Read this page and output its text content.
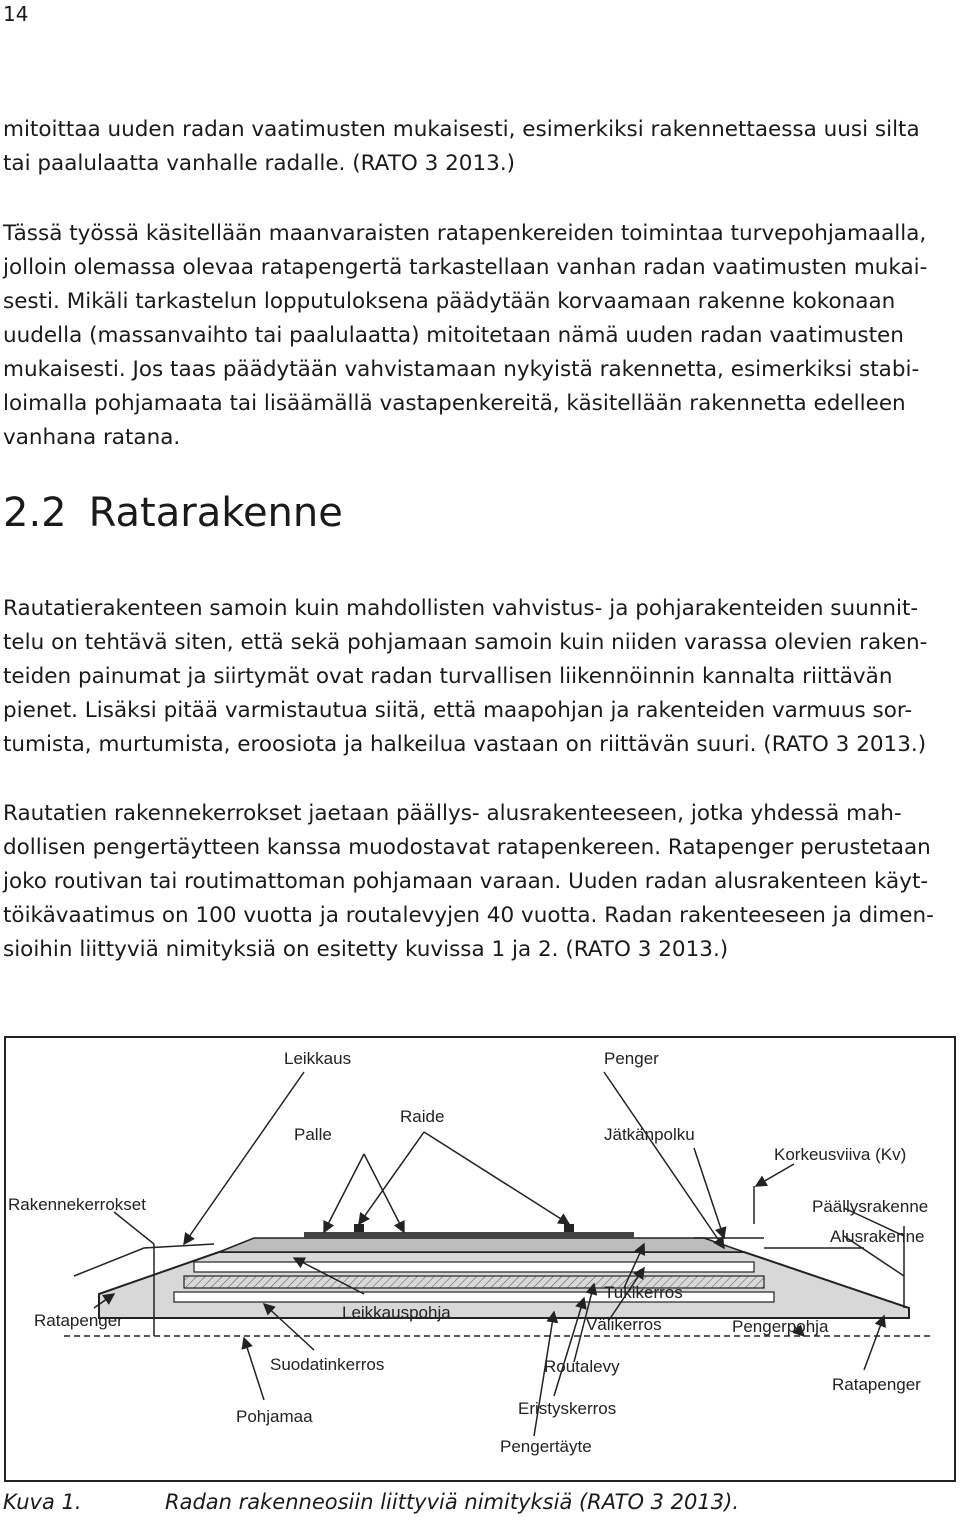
14

mitoittaa uuden radan vaatimusten mukaisesti, esimerkiksi rakennettaessa uusi silta
tai paalulaatta vanhalle radalle. (RATO 3 2013.)

Tässä työssä käsitellään maanvaraisten ratapenkereiden toimintaa turvepohjamaalla,
jolloin olemassa olevaa ratapengertä tarkastellaan vanhan radan vaatimusten mukai-
sesti. Mikäli tarkastelun lopputuloksena päädytään korvaamaan rakenne kokonaan
uudella (massanvaihto tai paalulaatta) mitoitetaan nämä uuden radan vaatimusten
mukaisesti. Jos taas päädytään vahvistamaan nykyistä rakennetta, esimerkiksi stabi-
loimalla pohjamaata tai lisäämällä vastapenkereitä, käsitellään rakennetta edelleen
vanhana ratana.

2.2 Ratarakenne

Rautatierakenteen samoin kuin mahdollisten vahvistus- ja pohjarakenteiden suunnit-
telu on tehtävä siten, että sekä pohjamaan samoin kuin niiden varassa olevien raken-
teiden painumat ja siirtymät ovat radan turvallisen liikennöinnin kannalta riittävän
pienet. Lisäksi pitää varmistautua siitä, että maapohjan ja rakenteiden varmuus sor-
tumista, murtumista, eroosiota ja halkeilua vastaan on riittävän suuri. (RATO 3 2013.)

Rautatien rakennekerrokset jaetaan päällys- alusrakenteeseen, jotka yhdessä mah-
dollisen pengertäytteen kanssa muodostavat ratapenkereen. Ratapenger perustetaan
joko routivan tai routimattoman pohjamaan varaan. Uuden radan alusrakenteen käyt-
töikävaatimus on 100 vuotta ja routalevyjen 40 vuotta. Radan rakenteeseen ja dimen-
sioihin liittyviä nimityksiä on esitetty kuvissa 1 ja 2. (RATO 3 2013.)

Leikkaus	Penger
Raide
Palle	Jätkänpolku
Korkeusviiva (Kv)
Rakennekerrokset	Päällysrakenne
Alusrakenne
Tukikerros
Ratapenger	Leikkauspohja
Välikerros	Pengerpohja
Suodatinkerros	Routalevy
Ratapenger
Pohjamaa	Eristyskerros
Pengertäyte
Kuva 1.	Radan rakenneosiin liittyviä nimityksiä (RATO 3 2013).
